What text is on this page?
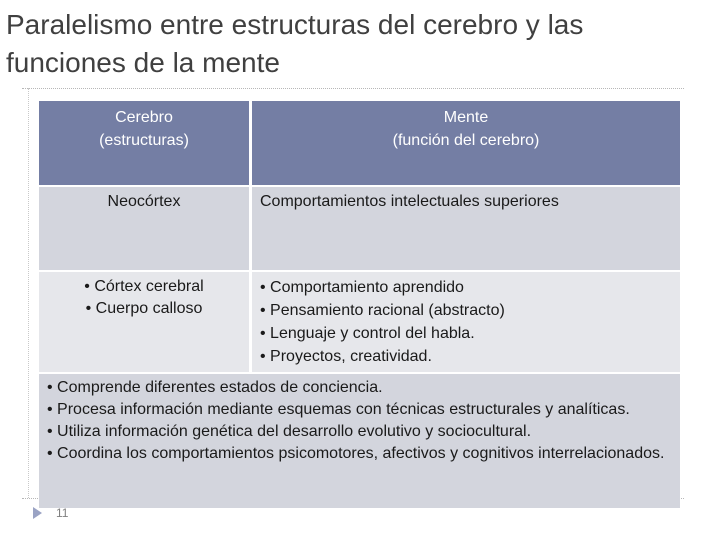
Paralelismo entre estructuras del cerebro y las funciones de la mente
Cerebro
(estructuras)
Mente
(función del cerebro)
Neocórtex	Comportamientos intelectuales superiores
• Córtex cerebral
• Cuerpo calloso
• Comportamiento aprendido
• Pensamiento racional (abstracto)
• Lenguaje y control del habla.
• Proyectos, creatividad.
• Comprende diferentes estados de conciencia.
• Procesa información mediante esquemas con técnicas estructurales y analíticas.
• Utiliza información genética del desarrollo evolutivo y sociocultural.
• Coordina los comportamientos psicomotores, afectivos y cognitivos interrelacionados.
11
